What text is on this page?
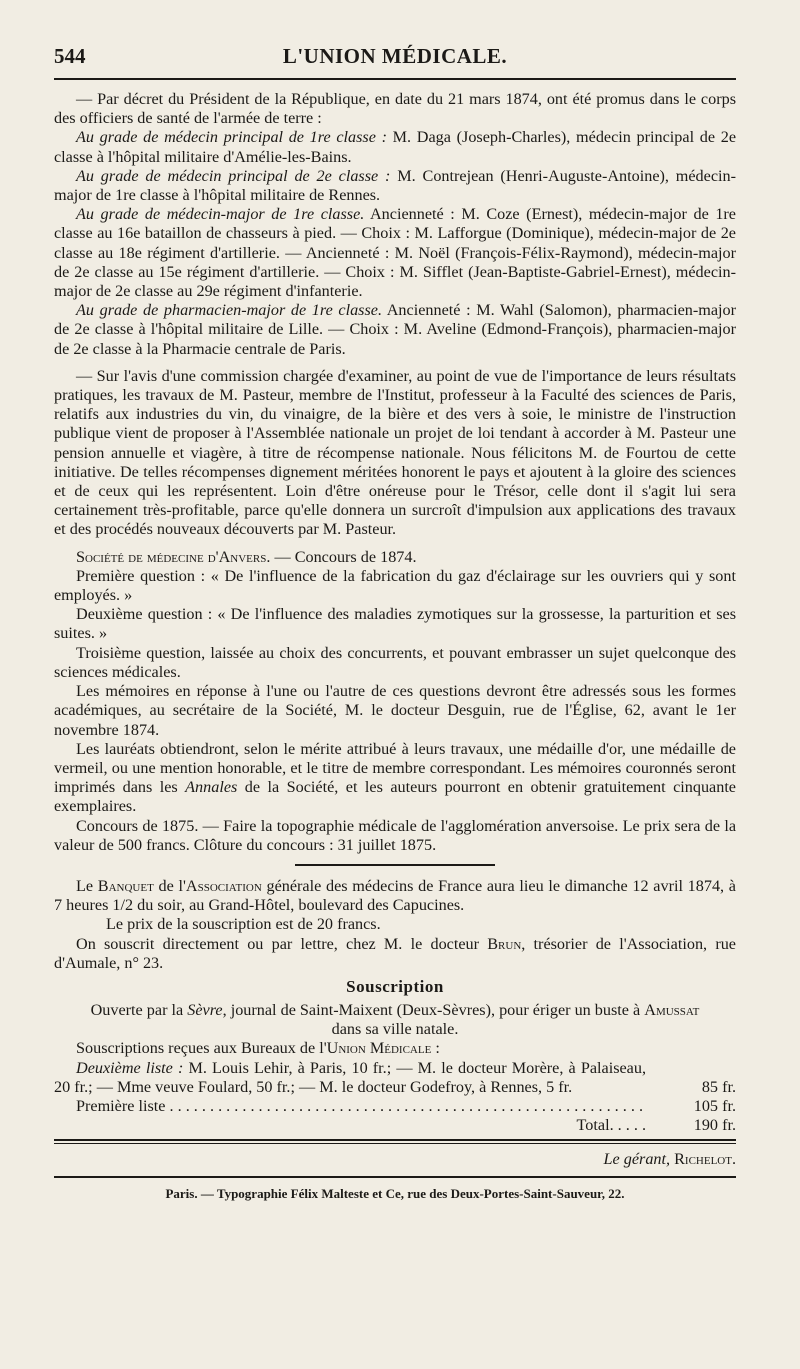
544	L'UNION MÉDICALE.

— Par décret du Président de la République, en date du 21 mars 1874, ont été promus dans le corps des officiers de santé de l'armée de terre :

Au grade de médecin principal de 1re classe : M. Daga (Joseph-Charles), médecin principal de 2e classe à l'hôpital militaire d'Amélie-les-Bains.

Au grade de médecin principal de 2e classe : M. Contrejean (Henri-Auguste-Antoine), médecin-major de 1re classe à l'hôpital militaire de Rennes.

Au grade de médecin-major de 1re classe. Ancienneté : M. Coze (Ernest), médecin-major de 1re classe au 16e bataillon de chasseurs à pied. — Choix : M. Lafforgue (Dominique), médecin-major de 2e classe au 18e régiment d'artillerie. — Ancienneté : M. Noël (François-Félix-Raymond), médecin-major de 2e classe au 15e régiment d'artillerie. — Choix : M. Sifflet (Jean-Baptiste-Gabriel-Ernest), médecin-major de 2e classe au 29e régiment d'infanterie.

Au grade de pharmacien-major de 1re classe. Ancienneté : M. Wahl (Salomon), pharmacien-major de 2e classe à l'hôpital militaire de Lille. — Choix : M. Aveline (Edmond-François), pharmacien-major de 2e classe à la Pharmacie centrale de Paris.

— Sur l'avis d'une commission chargée d'examiner, au point de vue de l'importance de leurs résultats pratiques, les travaux de M. Pasteur, membre de l'Institut, professeur à la Faculté des sciences de Paris, relatifs aux industries du vin, du vinaigre, de la bière et des vers à soie, le ministre de l'instruction publique vient de proposer à l'Assemblée nationale un projet de loi tendant à accorder à M. Pasteur une pension annuelle et viagère, à titre de récompense nationale. Nous félicitons M. de Fourtou de cette initiative. De telles récompenses dignement méritées honorent le pays et ajoutent à la gloire des sciences et de ceux qui les représentent. Loin d'être onéreuse pour le Trésor, celle dont il s'agit lui sera certainement très-profitable, parce qu'elle donnera un surcroît d'impulsion aux applications des travaux et des procédés nouveaux découverts par M. Pasteur.

Société de médecine d'Anvers. — Concours de 1874.

Première question : « De l'influence de la fabrication du gaz d'éclairage sur les ouvriers qui y sont employés. »

Deuxième question : « De l'influence des maladies zymotiques sur la grossesse, la parturition et ses suites. »

Troisième question, laissée au choix des concurrents, et pouvant embrasser un sujet quelconque des sciences médicales.

Les mémoires en réponse à l'une ou l'autre de ces questions devront être adressés sous les formes académiques, au secrétaire de la Société, M. le docteur Desguin, rue de l'Église, 62, avant le 1er novembre 1874.

Les lauréats obtiendront, selon le mérite attribué à leurs travaux, une médaille d'or, une médaille de vermeil, ou une mention honorable, et le titre de membre correspondant. Les mémoires couronnés seront imprimés dans les Annales de la Société, et les auteurs pourront en obtenir gratuitement cinquante exemplaires.

Concours de 1875. — Faire la topographie médicale de l'agglomération anversoise. Le prix sera de la valeur de 500 francs. Clôture du concours : 31 juillet 1875.

Le Banquet de l'Association générale des médecins de France aura lieu le dimanche 12 avril 1874, à 7 heures 1/2 du soir, au Grand-Hôtel, boulevard des Capucines.

Le prix de la souscription est de 20 francs.

On souscrit directement ou par lettre, chez M. le docteur Brun, trésorier de l'Association, rue d'Aumale, n° 23.

Souscription

Ouverte par la Sèvre, journal de Saint-Maixent (Deux-Sèvres), pour ériger un buste à Amussat
dans sa ville natale.

Souscriptions reçues aux Bureaux de l'Union Médicale :

Deuxième liste : M. Louis Lehir, à Paris, 10 fr.; — M. le docteur Morère, à Palaiseau, 20 fr.; — Mme veuve Foulard, 50 fr.; — M. le docteur Godefroy, à Rennes, 5 fr.	85 fr.
Première liste . . .	105 fr.
Total . . . . .	190 fr.

Le gérant, Richelot.

Paris. — Typographie Félix Malteste et Ce, rue des Deux-Portes-Saint-Sauveur, 22.
